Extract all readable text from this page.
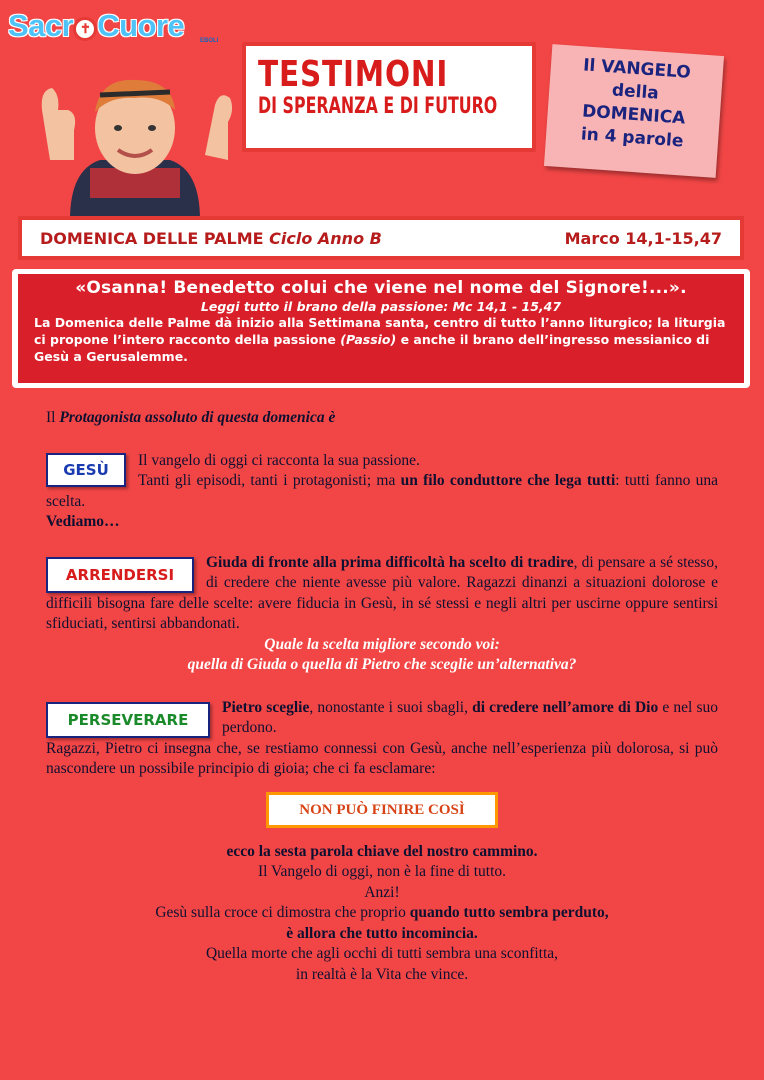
Sacr ✝ Cuore	EBOLI
TESTIMONI
DI SPERANZA E DI FUTURO
Il VANGELO
della
DOMENICA
in 4 parole
DOMENICA DELLE PALME Ciclo Anno B	Marco 14,1-15,47
«Osanna! Benedetto colui che viene nel nome del Signore!...».
Leggi tutto il brano della passione: Mc 14,1 - 15,47
La Domenica delle Palme dà inizio alla Settimana santa, centro di tutto l’anno liturgico; la liturgia ci propone l’intero racconto della passione (Passio) e anche il brano dell’ingresso messianico di Gesù a Gerusalemme.

Il Protagonista assoluto di questa domenica è

GESÙ

Il vangelo di oggi ci racconta la sua passione.
Tanti gli episodi, tanti i protagonisti; ma un filo conduttore che lega tutti: tutti fanno una scelta.

Vediamo…

ARRENDERSI

Giuda di fronte alla prima difficoltà ha scelto di tradire, di pensare a sé stesso, di credere che niente avesse più valore. Ragazzi dinanzi a situazioni dolorose e difficili bisogna fare delle scelte: avere fiducia in Gesù, in sé stessi e negli altri per uscirne oppure sentirsi sfiduciati, sentirsi abbandonati.

Quale la scelta migliore secondo voi:

quella di Giuda o quella di Pietro che sceglie un’alternativa?

PERSEVERARE

Pietro sceglie, nonostante i suoi sbagli, di credere nell’amore di Dio e nel suo perdono.
Ragazzi, Pietro ci insegna che, se restiamo connessi con Gesù, anche nell’esperienza più dolorosa, si può nascondere un possibile principio di gioia; che ci fa esclamare:

NON PUÒ FINIRE COSÌ

ecco la sesta parola chiave del nostro cammino.

Il Vangelo di oggi, non è la fine di tutto.

Anzi!

Gesù sulla croce ci dimostra che proprio quando tutto sembra perduto,

è allora che tutto incomincia.

Quella morte che agli occhi di tutti sembra una sconfitta,

in realtà è la Vita che vince.
